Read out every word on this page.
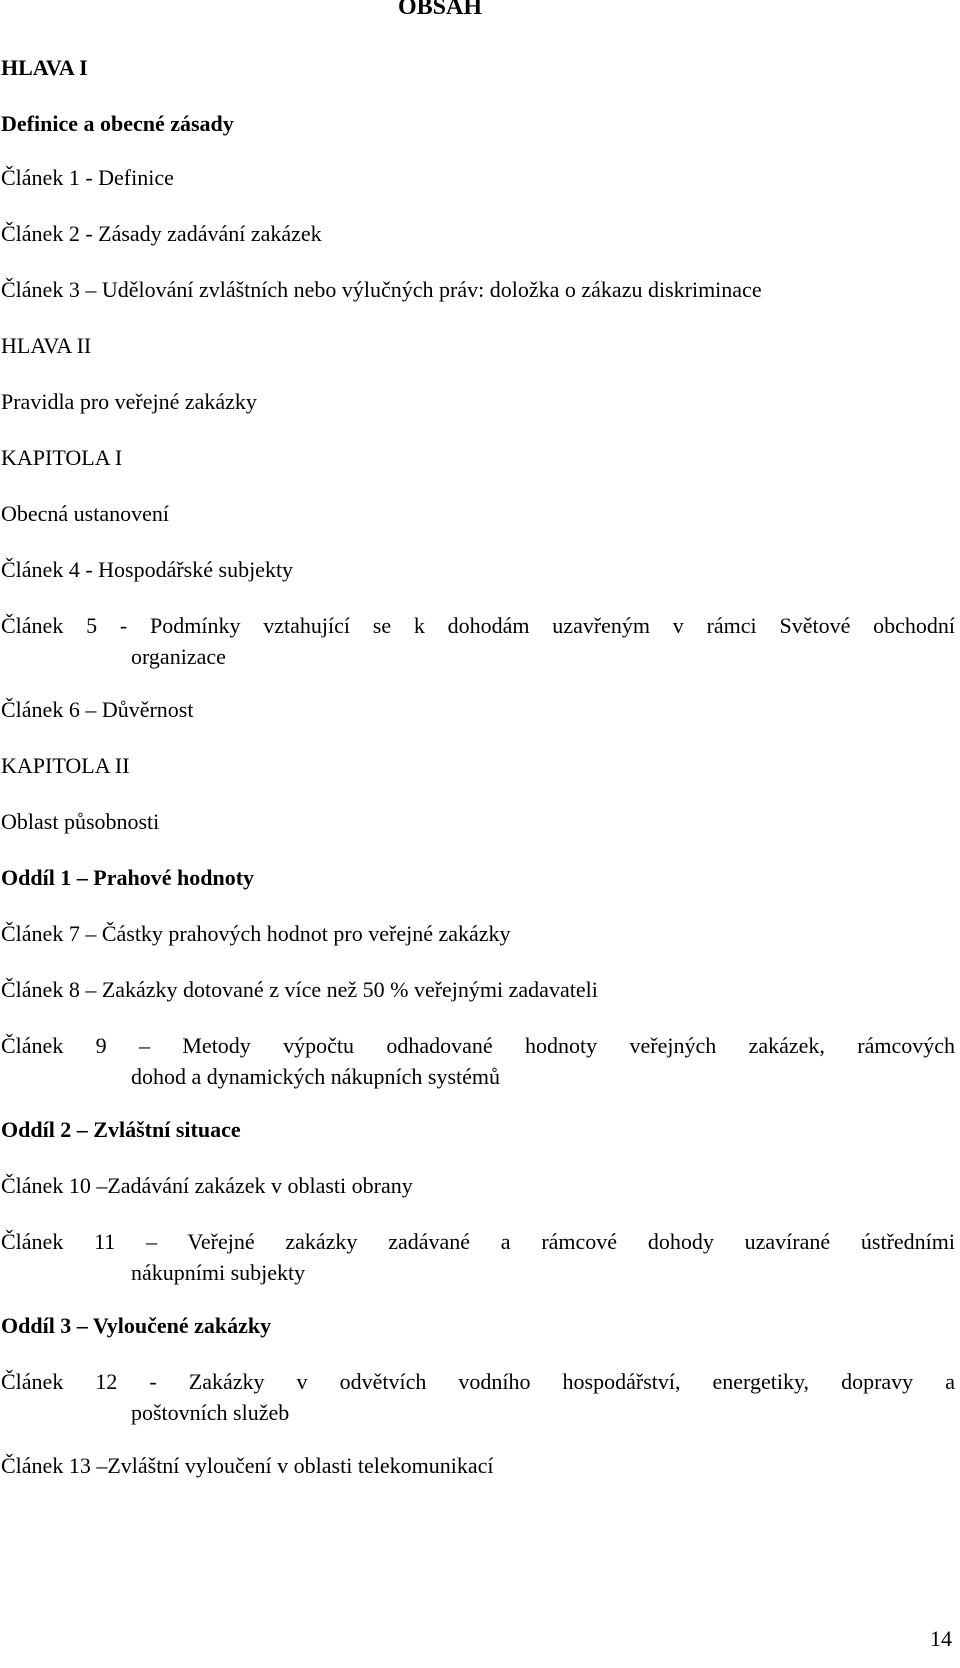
OBSAH
HLAVA I
Definice a obecné zásady
Článek 1 - Definice
Článek 2 - Zásady zadávání zakázek
Článek 3 – Udělování zvláštních nebo výlučných práv: doložka o zákazu diskriminace
HLAVA II
Pravidla pro veřejné zakázky
KAPITOLA I
Obecná ustanovení
Článek 4 - Hospodářské subjekty
Článek 5 - Podmínky vztahující se k dohodám uzavřeným v rámci Světové obchodní
organizace
Článek 6 – Důvěrnost
KAPITOLA II
Oblast působnosti
Oddíl 1 – Prahové hodnoty
Článek 7 – Částky prahových hodnot pro veřejné zakázky
Článek 8 – Zakázky dotované z více než 50 % veřejnými zadavateli
Článek 9 – Metody výpočtu odhadované hodnoty veřejných zakázek, rámcových
dohod a dynamických nákupních systémů
Oddíl 2 – Zvláštní situace
Článek 10 –Zadávání zakázek v oblasti obrany
Článek 11 – Veřejné zakázky zadávané a rámcové dohody uzavírané ústředními
nákupními subjekty
Oddíl 3 – Vyloučené zakázky
Článek 12 - Zakázky v odvětvích vodního hospodářství, energetiky, dopravy a
poštovních služeb
Článek 13 –Zvláštní vyloučení v oblasti telekomunikací
14
